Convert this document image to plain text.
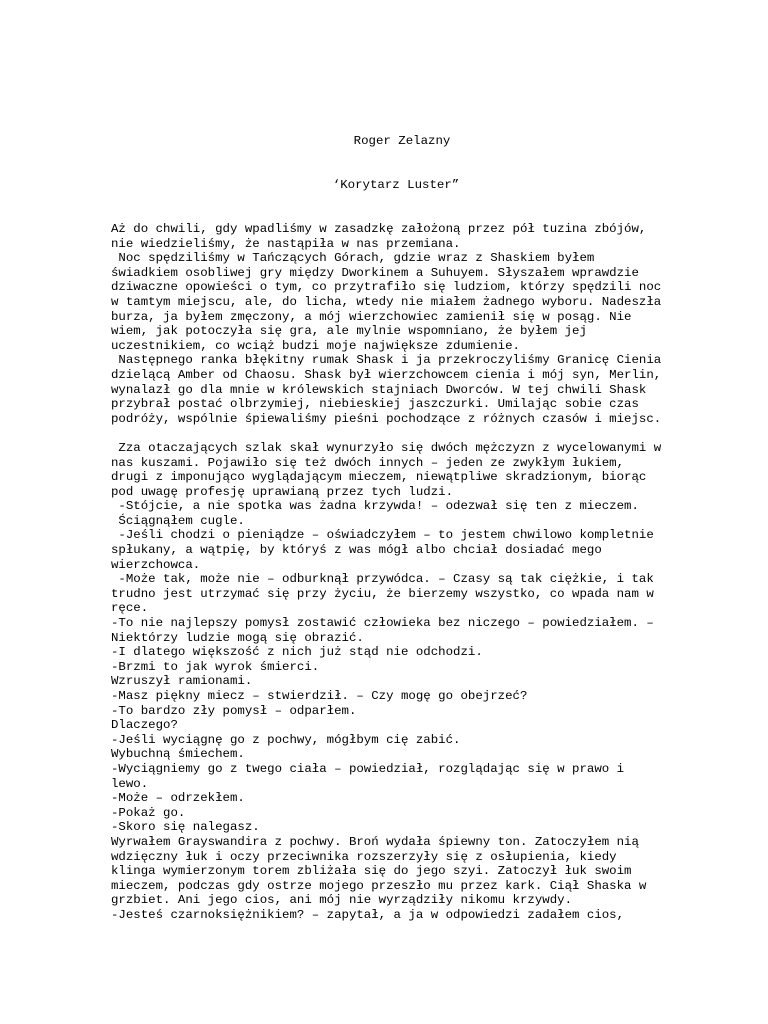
Roger Zelazny
‘Korytarz Luster”
Aż do chwili, gdy wpadliśmy w zasadzkę założoną przez pół tuzina zbójów,
nie wiedzieliśmy, że nastąpiła w nas przemiana.
Noc spędziliśmy w Tańczących Górach, gdzie wraz z Shaskiem byłem
świadkiem osobliwej gry między Dworkinem a Suhuyem. Słyszałem wprawdzie
dziwaczne opowieści o tym, co przytrafiło się ludziom, którzy spędzili noc
w tamtym miejscu, ale, do licha, wtedy nie miałem żadnego wyboru. Nadeszła
burza, ja byłem zmęczony, a mój wierzchowiec zamienił się w posąg. Nie
wiem, jak potoczyła się gra, ale mylnie wspomniano, że byłem jej
uczestnikiem, co wciąż budzi moje największe zdumienie.
Następnego ranka błękitny rumak Shask i ja przekroczyliśmy Granicę Cienia
dzielącą Amber od Chaosu. Shask był wierzchowcem cienia i mój syn, Merlin,
wynalazł go dla mnie w królewskich stajniach Dworców. W tej chwili Shask
przybrał postać olbrzymiej, niebieskiej jaszczurki. Umilając sobie czas
podróży, wspólnie śpiewaliśmy pieśni pochodzące z różnych czasów i miejsc.
Zza otaczających szlak skał wynurzyło się dwóch mężczyzn z wycelowanymi w
nas kuszami. Pojawiło się też dwóch innych – jeden ze zwykłym łukiem,
drugi z imponująco wyglądającym mieczem, niewątpliwe skradzionym, biorąc
pod uwagę profesję uprawianą przez tych ludzi.
-Stójcie, a nie spotka was żadna krzywda! – odezwał się ten z mieczem.
Ściągnąłem cugle.
-Jeśli chodzi o pieniądze – oświadczyłem – to jestem chwilowo kompletnie
spłukany, a wątpię, by któryś z was mógł albo chciał dosiadać mego
wierzchowca.
-Może tak, może nie – odburknął przywódca. – Czasy są tak ciężkie, i tak
trudno jest utrzymać się przy życiu, że bierzemy wszystko, co wpada nam w
ręce.
-To nie najlepszy pomysł zostawić człowieka bez niczego – powiedziałem. –
Niektórzy ludzie mogą się obrazić.
-I dlatego większość z nich już stąd nie odchodzi.
-Brzmi to jak wyrok śmierci.
Wzruszył ramionami.
-Masz piękny miecz – stwierdził. – Czy mogę go obejrzeć?
-To bardzo zły pomysł – odparłem.
Dlaczego?
-Jeśli wyciągnę go z pochwy, mógłbym cię zabić.
Wybuchną śmiechem.
-Wyciągniemy go z twego ciała – powiedział, rozglądając się w prawo i
lewo.
-Może – odrzekłem.
-Pokaż go.
-Skoro się nalegasz.
Wyrwałem Grayswandira z pochwy. Broń wydała śpiewny ton. Zatoczyłem nią
wdzięczny łuk i oczy przeciwnika rozszerzyły się z osłupienia, kiedy
klinga wymierzonym torem zbliżała się do jego szyi. Zatoczył łuk swoim
mieczem, podczas gdy ostrze mojego przeszło mu przez kark. Ciął Shaska w
grzbiet. Ani jego cios, ani mój nie wyrządziły nikomu krzywdy.
-Jesteś czarnoksiężnikiem? – zapytał, a ja w odpowiedzi zadałem cios,
